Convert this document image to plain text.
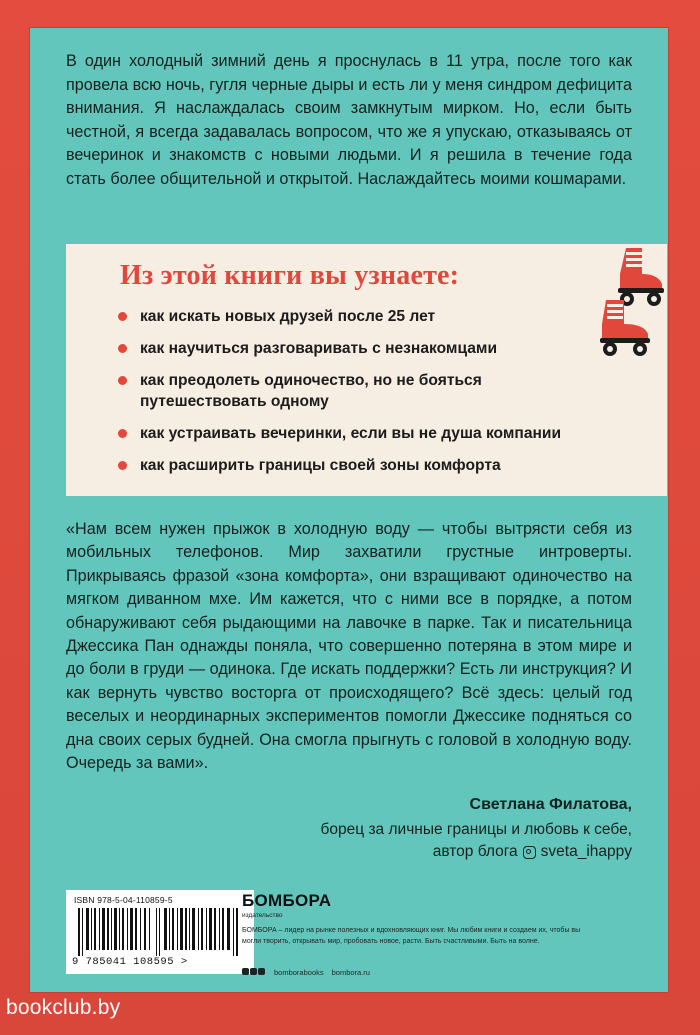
В один холодный зимний день я проснулась в 11 утра, после того как провела всю ночь, гугля черные дыры и есть ли у меня синдром дефицита внимания. Я наслаждалась своим замкнутым мирком. Но, если быть честной, я всегда задавалась вопросом, что же я упускаю, отказываясь от вечеринок и знакомств с новыми людьми. И я решила в течение года стать более общительной и открытой. Наслаждайтесь моими кошмарами.

Из этой книги вы узнаете:
как искать новых друзей после 25 лет
как научиться разговаривать с незнакомцами
как преодолеть одиночество, но не бояться путешествовать одному
как устраивать вечеринки, если вы не душа компании
как расширить границы своей зоны комфорта
«Нам всем нужен прыжок в холодную воду — чтобы вытрясти себя из мобильных телефонов. Мир захватили грустные интроверты. Прикрываясь фразой «зона комфорта», они взращивают одиночество на мягком диванном мхе. Им кажется, что с ними все в порядке, а потом обнаруживают себя рыдающими на лавочке в парке. Так и писательница Джессика Пан однажды поняла, что совершенно потеряна в этом мире и до боли в груди — одинока. Где искать поддержки? Есть ли инструкция? И как вернуть чувство восторга от происходящего? Всё здесь: целый год веселых и неординарных экспериментов помогли Джессике подняться со дна своих серых будней. Она смогла прыгнуть с головой в холодную воду. Очередь за вами».
Светлана Филатова,
борец за личные границы и любовь к себе,
автор блога sveta_ihappy
ISBN 978-5-04-110859-5
9 785041 108595 >
БОМБОРА
издательство
БОМБОРА – лидер на рынке полезных и вдохновляющих книг. Мы любим книги и создаем их, чтобы вы могли творить, открывать мир, пробовать новое, расти. Быть счастливыми. Быть на волне.
bomborabooks bombora.ru
bookclub.by
